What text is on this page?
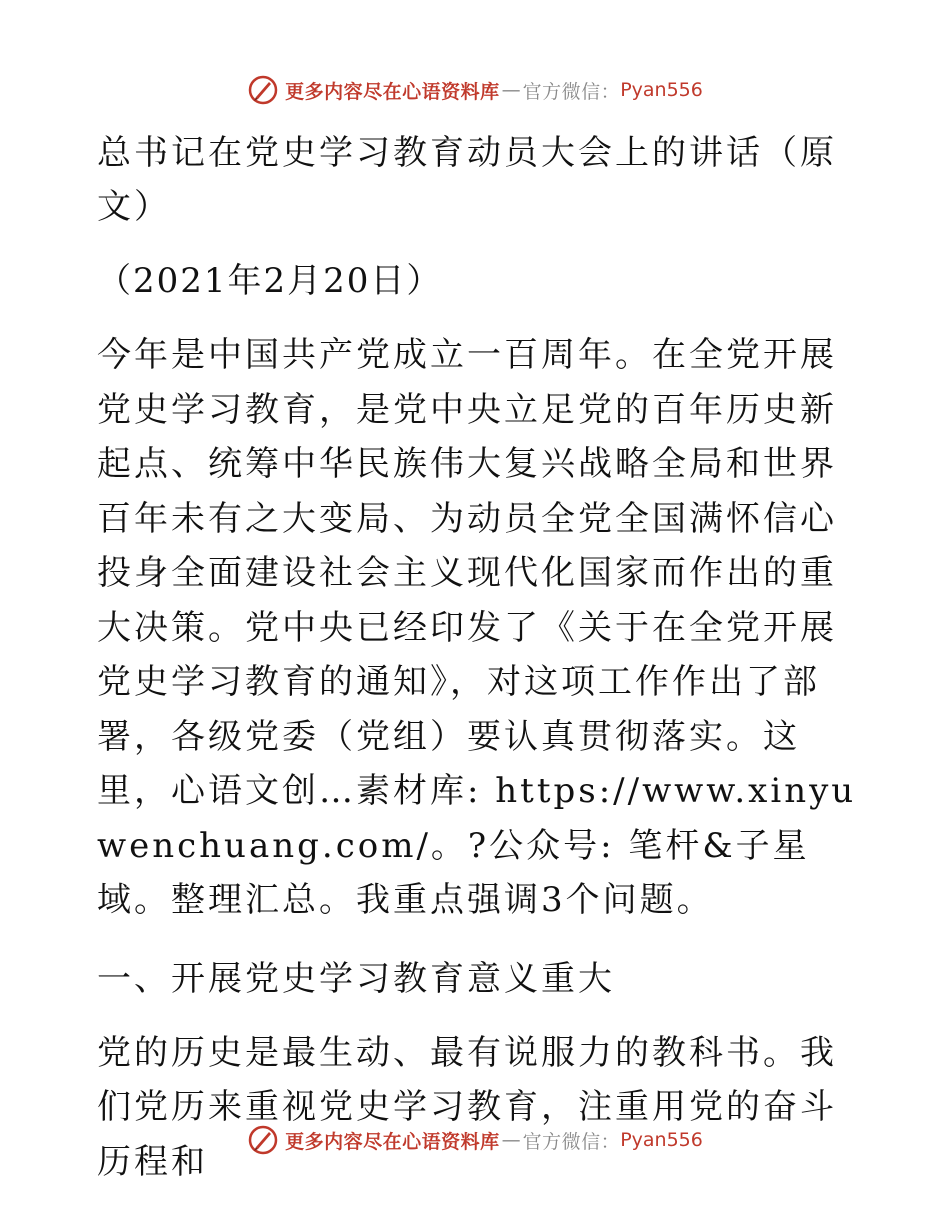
更多内容尽在心语资料库 — 官方微信： Pyan556
总书记在党史学习教育动员大会上的讲话（原文）
（2021年2月20日）
今年是中国共产党成立一百周年。在全党开展党史学习教育，是党中央立足党的百年历史新起点、统筹中华民族伟大复兴战略全局和世界百年未有之大变局、为动员全党全国满怀信心投身全面建设社会主义现代化国家而作出的重大决策。党中央已经印发了《关于在全党开展党史学习教育的通知》，对这项工作作出了部署，各级党委（党组）要认真贯彻落实。这里，心语文创…素材库: https://www.xinyuwenchuang.com/。?公众号: 笔杆&子星域。整理汇总。我重点强调3个问题。
一、开展党史学习教育意义重大
党的历史是最生动、最有说服力的教科书。我们党历来重视党史学习教育，注重用党的奋斗历程和	更多内容尽在心语资料库 — 官方微信： Pyan556
